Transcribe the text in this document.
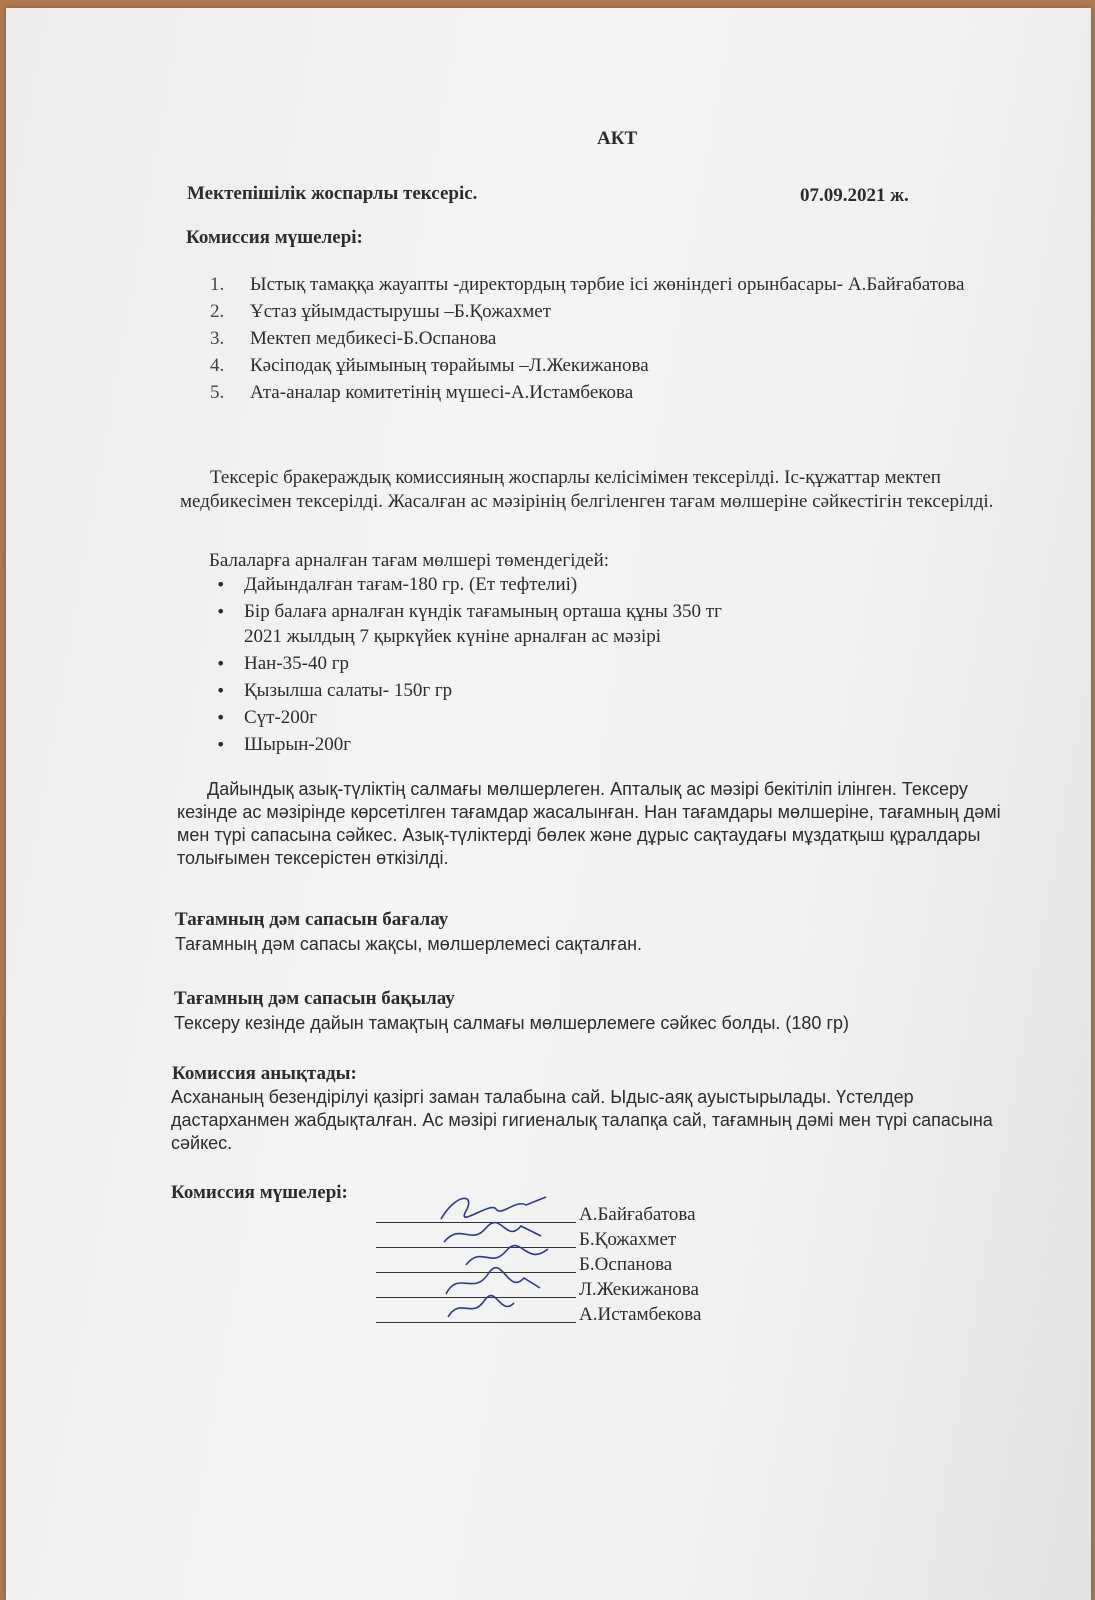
АКТ
Мектепішілік жоспарлы тексеріс.	07.09.2021 ж.
Комиссия мүшелері:
1. Ыстық тамаққа жауапты -директордың тәрбие ісі жөніндегі орынбасары- А.Байғабатова
2. Ұстаз ұйымдастырушы –Б.Қожахмет
3. Мектеп медбикесі-Б.Оспанова
4. Кәсіподақ ұйымының төрайымы –Л.Жекижанова
5. Ата-аналар комитетінің мүшесі-А.Истамбекова
Тексеріс бракераждық комиссияның жоспарлы келісімімен тексерілді. Іс-құжаттар мектеп медбикесімен тексерілді. Жасалған ас мәзірінің белгіленген тағам мөлшеріне сәйкестігін тексерілді.
Балаларға арналған тағам мөлшері төмендегідей:
• Дайындалған тағам-180 гр. (Ет тефтелиі)
• Бір балаға арналған күндік тағамының орташа құны 350 тг
2021 жылдың 7 қыркүйек күніне арналған ас мәзірі
• Нан-35-40 гр
• Қызылша салаты- 150г гр
• Сүт-200г
• Шырын-200г
Дайындық азық-түліктің салмағы мөлшерлеген. Апталық ас мәзірі бекітіліп ілінген. Тексеру кезінде ас мәзірінде көрсетілген тағамдар жасалынған. Нан тағамдары мөлшеріне, тағамның дәмі мен түрі сапасына сәйкес. Азық-түліктерді бөлек және дұрыс сақтаудағы мұздатқыш құралдары толығымен тексерістен өткізілді.
Тағамның дәм сапасын бағалау
Тағамның дәм сапасы жақсы, мөлшерлемесі сақталған.
Тағамның дәм сапасын бақылау
Тексеру кезінде дайын тамақтың салмағы мөлшерлемеге сәйкес болды. (180 гр)
Комиссия анықтады:
Асхананың безендірілуі қазіргі заман талабына сай. Ыдыс-аяқ ауыстырылады. Үстелдер дастарханмен жабдықталған. Ас мәзірі гигиеналық талапқа сай, тағамның дәмі мен түрі сапасына сәйкес.
Комиссия мүшелері:
А.Байғабатова
Б.Қожахмет
Б.Оспанова
Л.Жекижанова
А.Истамбекова
